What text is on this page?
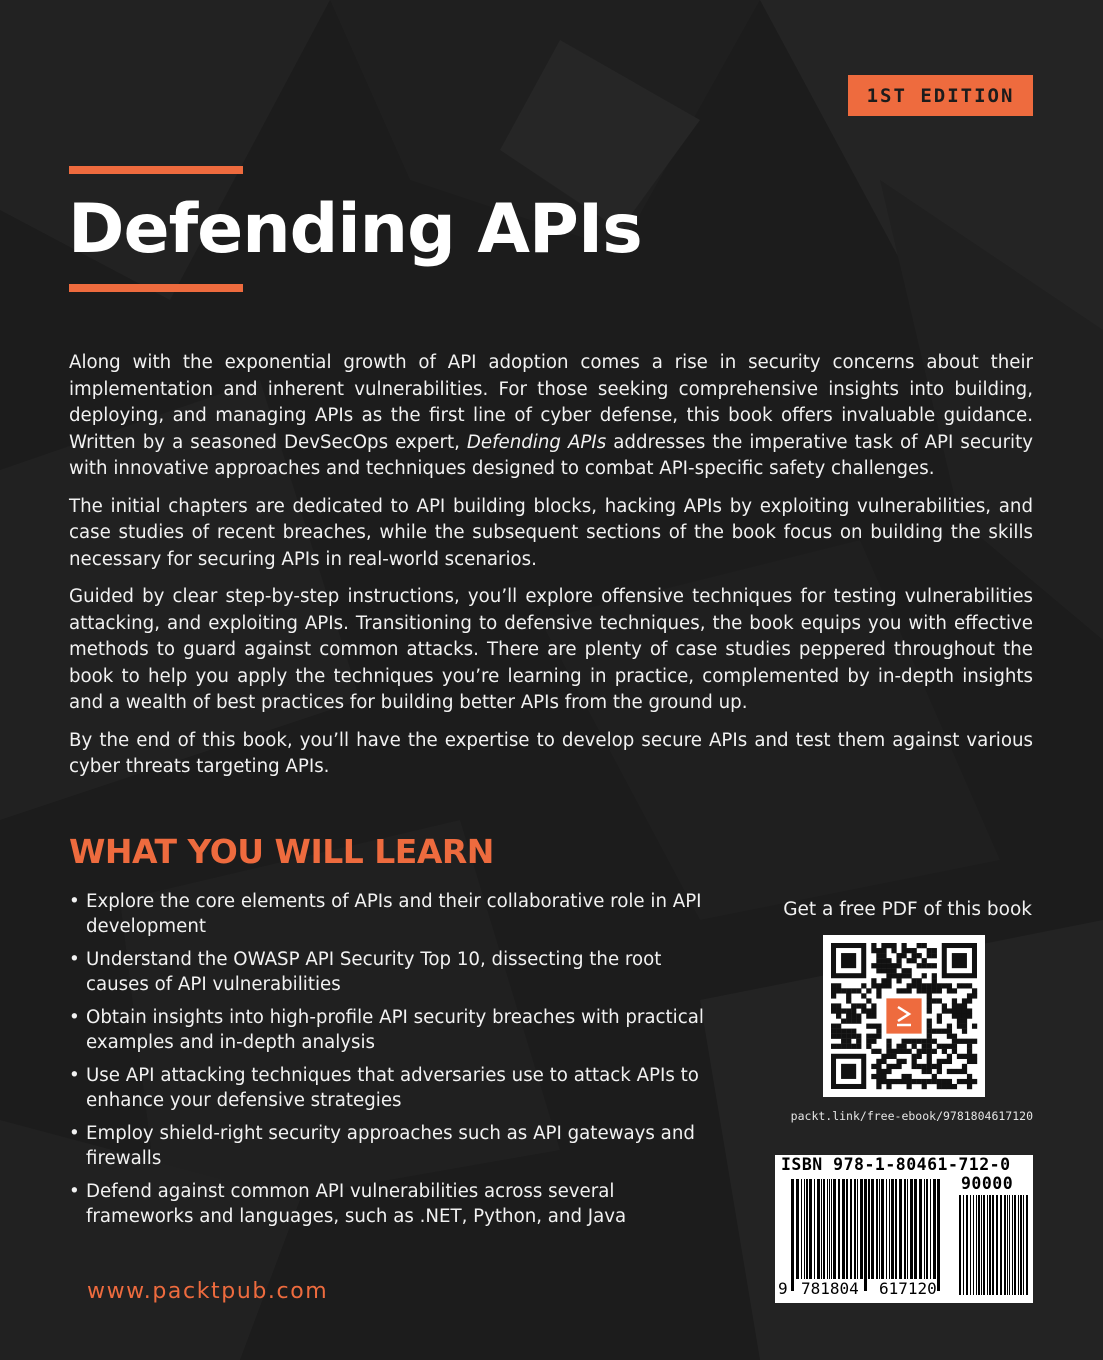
1ST EDITION
Defending APIs

Along with the exponential growth of API adoption comes a rise in security concerns about their implementation and inherent vulnerabilities. For those seeking comprehensive insights into building, deploying, and managing APIs as the first line of cyber defense, this book offers invaluable guidance. Written by a seasoned DevSecOps expert, Defending APIs addresses the imperative task of API security with innovative approaches and techniques designed to combat API-specific safety challenges.

The initial chapters are dedicated to API building blocks, hacking APIs by exploiting vulnerabilities, and case studies of recent breaches, while the subsequent sections of the book focus on building the skills necessary for securing APIs in real-world scenarios.

Guided by clear step-by-step instructions, you’ll explore offensive techniques for testing vulnerabilities attacking, and exploiting APIs. Transitioning to defensive techniques, the book equips you with effective methods to guard against common attacks. There are plenty of case studies peppered throughout the book to help you apply the techniques you’re learning in practice, complemented by in-depth insights and a wealth of best practices for building better APIs from the ground up.

By the end of this book, you’ll have the expertise to develop secure APIs and test them against various cyber threats targeting APIs.

WHAT YOU WILL LEARN
• Explore the core elements of APIs and their collaborative role in API development
• Understand the OWASP API Security Top 10, dissecting the root causes of API vulnerabilities
• Obtain insights into high-profile API security breaches with practical examples and in-depth analysis
• Use API attacking techniques that adversaries use to attack APIs to enhance your defensive strategies
• Employ shield-right security approaches such as API gateways and firewalls
• Defend against common API vulnerabilities across several frameworks and languages, such as .NET, Python, and Java
www.packtpub.com
Get a free PDF of this book
packt.link/free-ebook/9781804617120
ISBN 978-1-80461-712-0
90000
9 781804 617120
